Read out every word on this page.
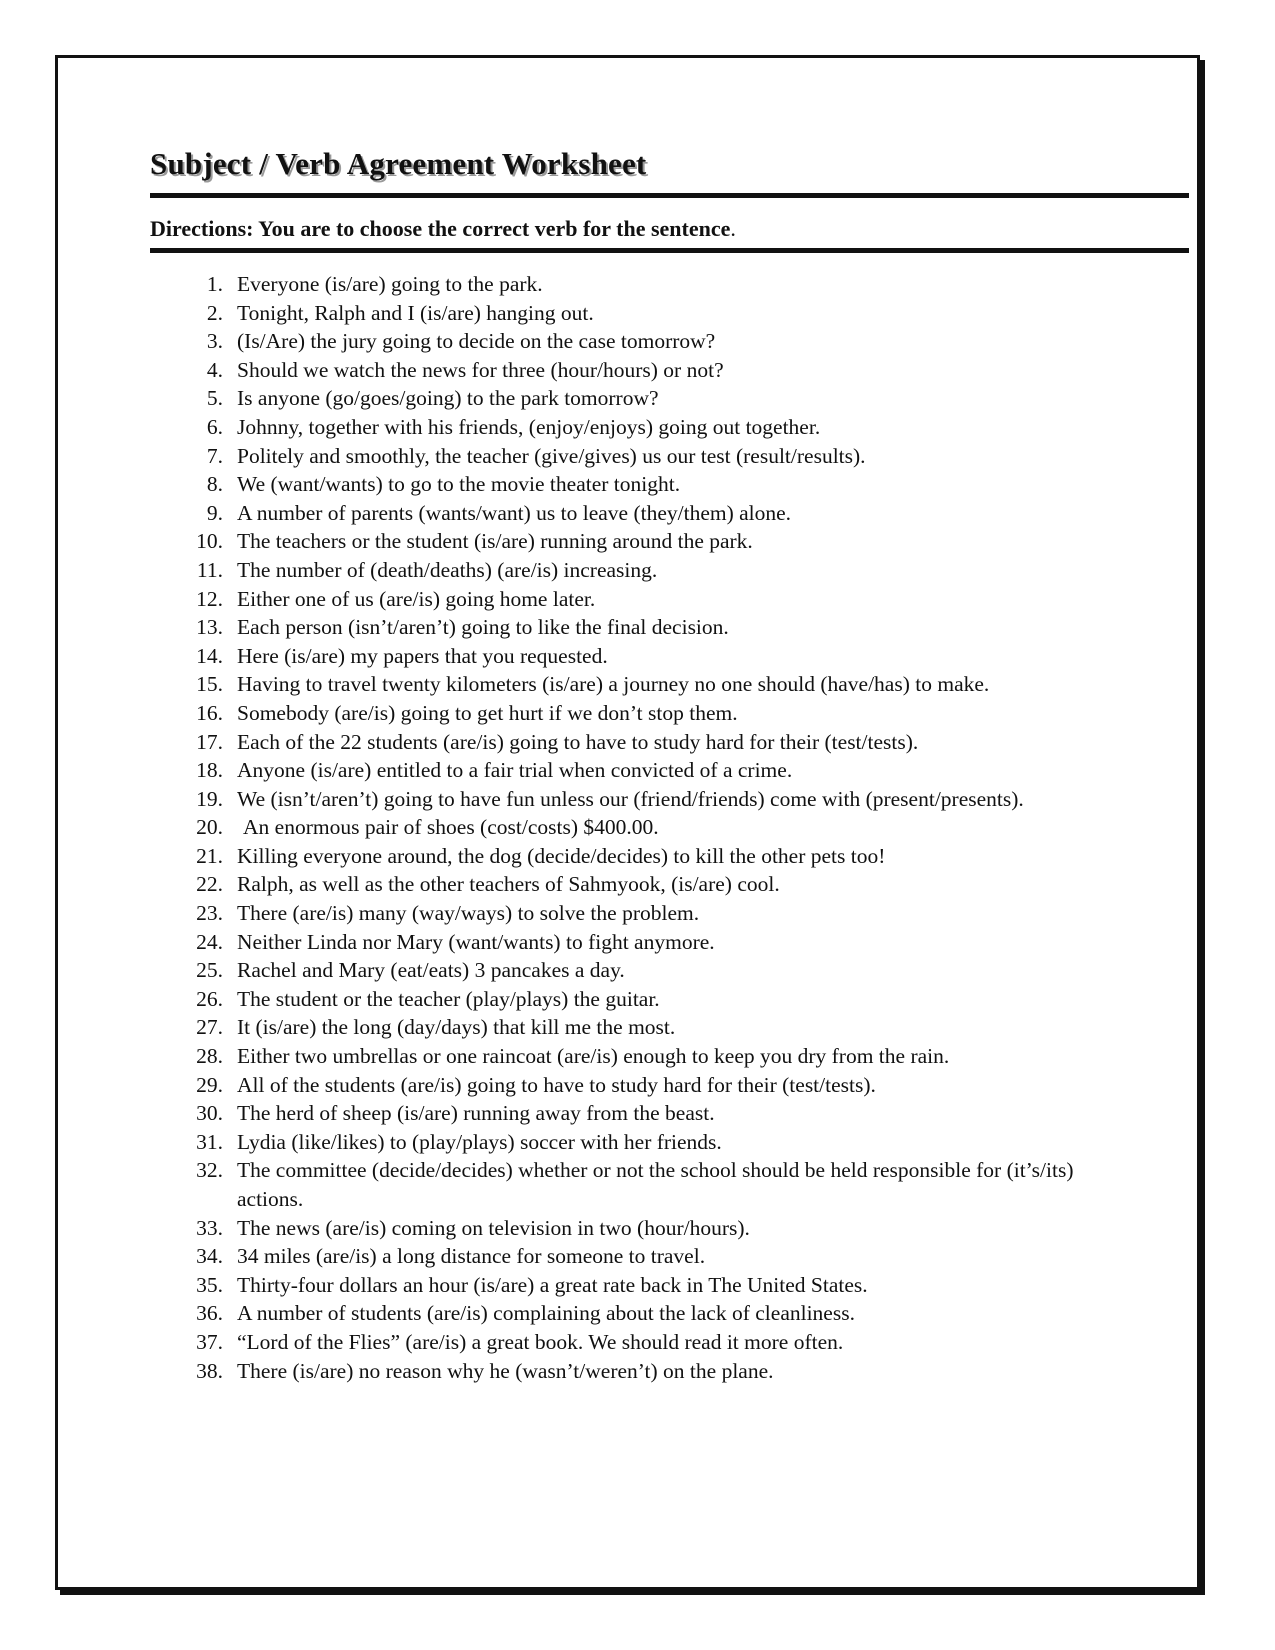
Subject / Verb Agreement Worksheet

Directions: You are to choose the correct verb for the sentence.

1. Everyone (is/are) going to the park.
2. Tonight, Ralph and I (is/are) hanging out.
3. (Is/Are) the jury going to decide on the case tomorrow?
4. Should we watch the news for three (hour/hours) or not?
5. Is anyone (go/goes/going) to the park tomorrow?
6. Johnny, together with his friends, (enjoy/enjoys) going out together.
7. Politely and smoothly, the teacher (give/gives) us our test (result/results).
8. We (want/wants) to go to the movie theater tonight.
9. A number of parents (wants/want) us to leave (they/them) alone.
10. The teachers or the student (is/are) running around the park.
11. The number of (death/deaths) (are/is) increasing.
12. Either one of us (are/is) going home later.
13. Each person (isn’t/aren’t) going to like the final decision.
14. Here (is/are) my papers that you requested.
15. Having to travel twenty kilometers (is/are) a journey no one should (have/has) to make.
16. Somebody (are/is) going to get hurt if we don’t stop them.
17. Each of the 22 students (are/is) going to have to study hard for their (test/tests).
18. Anyone (is/are) entitled to a fair trial when convicted of a crime.
19. We (isn’t/aren’t) going to have fun unless our (friend/friends) come with (present/presents).
20. An enormous pair of shoes (cost/costs) $400.00.
21. Killing everyone around, the dog (decide/decides) to kill the other pets too!
22. Ralph, as well as the other teachers of Sahmyook, (is/are) cool.
23. There (are/is) many (way/ways) to solve the problem.
24. Neither Linda nor Mary (want/wants) to fight anymore.
25. Rachel and Mary (eat/eats) 3 pancakes a day.
26. The student or the teacher (play/plays) the guitar.
27. It (is/are) the long (day/days) that kill me the most.
28. Either two umbrellas or one raincoat (are/is) enough to keep you dry from the rain.
29. All of the students (are/is) going to have to study hard for their (test/tests).
30. The herd of sheep (is/are) running away from the beast.
31. Lydia (like/likes) to (play/plays) soccer with her friends.
32. The committee (decide/decides) whether or not the school should be held responsible for (it’s/its) actions.
33. The news (are/is) coming on television in two (hour/hours).
34. 34 miles (are/is) a long distance for someone to travel.
35. Thirty-four dollars an hour (is/are) a great rate back in The United States.
36. A number of students (are/is) complaining about the lack of cleanliness.
37. “Lord of the Flies” (are/is) a great book. We should read it more often.
38. There (is/are) no reason why he (wasn’t/weren’t) on the plane.
